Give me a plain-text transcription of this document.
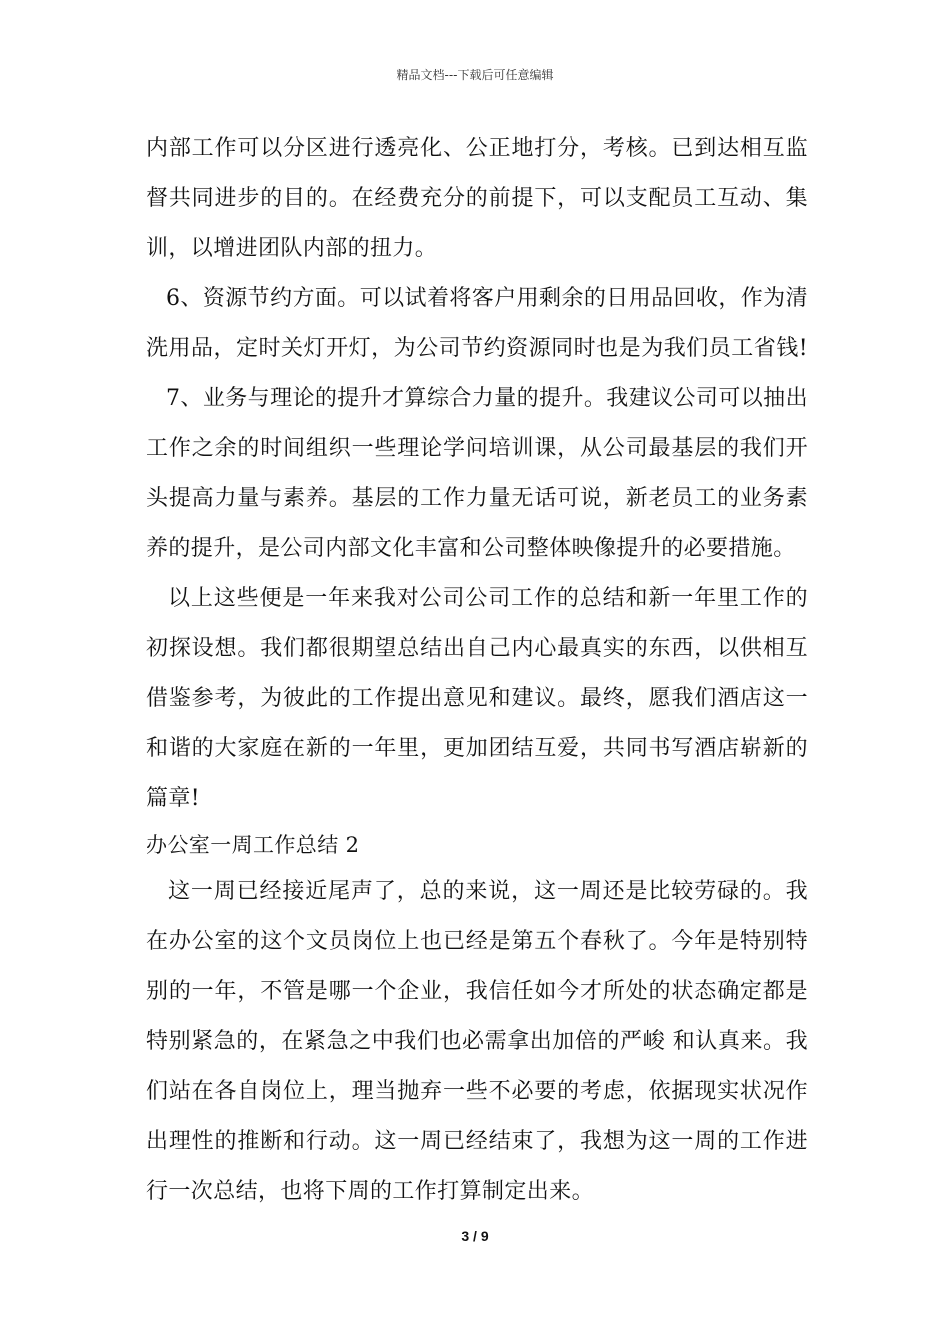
精品文档---下载后可任意编辑
内部工作可以分区进行透亮化、公正地打分，考核。已到达相互监
督共同进步的目的。在经费充分的前提下，可以支配员工互动、集
训，以增进团队内部的扭力。
6、资源节约方面。可以试着将客户用剩余的日用品回收，作为清
洗用品，定时关灯开灯，为公司节约资源同时也是为我们员工省钱!
7、业务与理论的提升才算综合力量的提升。我建议公司可以抽出
工作之余的时间组织一些理论学问培训课，从公司最基层的我们开
头提高力量与素养。基层的工作力量无话可说，新老员工的业务素
养的提升，是公司内部文化丰富和公司整体映像提升的必要措施。
以上这些便是一年来我对公司公司工作的总结和新一年里工作的
初探设想。我们都很期望总结出自己内心最真实的东西，以供相互
借鉴参考，为彼此的工作提出意见和建议。最终，愿我们酒店这一
和谐的大家庭在新的一年里，更加团结互爱，共同书写酒店崭新的
篇章!
办公室一周工作总结 2
这一周已经接近尾声了，总的来说，这一周还是比较劳碌的。我
在办公室的这个文员岗位上也已经是第五个春秋了。今年是特别特
别的一年，不管是哪一个企业，我信任如今才所处的状态确定都是
特别紧急的，在紧急之中我们也必需拿出加倍的严峻 和认真来。我
们站在各自岗位上，理当抛弃一些不必要的考虑，依据现实状况作
出理性的推断和行动。这一周已经结束了，我想为这一周的工作进
行一次总结，也将下周的工作打算制定出来。
3 / 9
